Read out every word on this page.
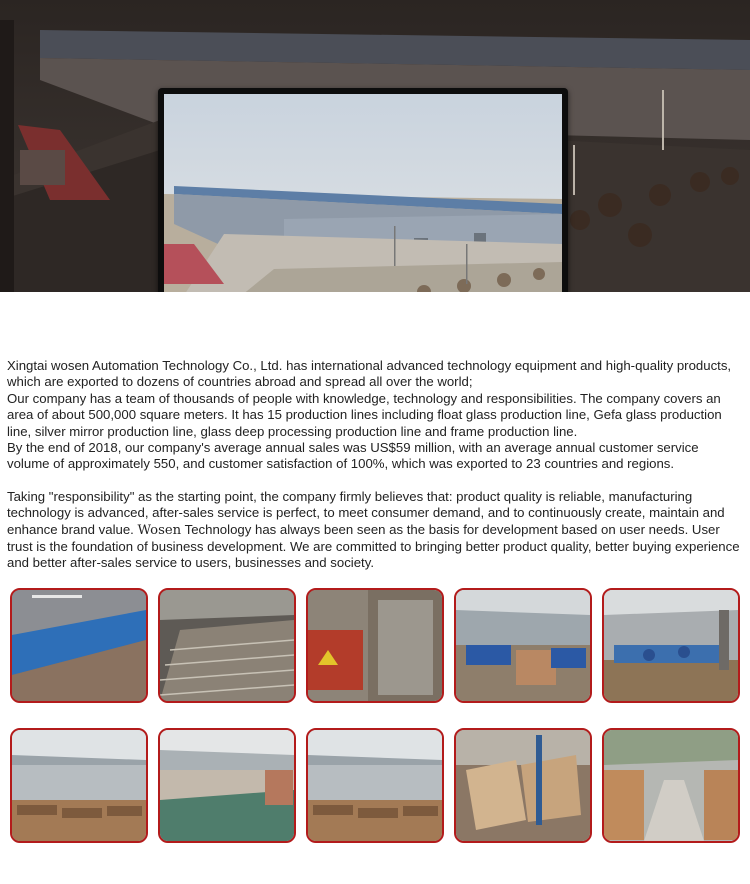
Xingtai wosen Automation Technology Co., Ltd. has international advanced technology equipment and high-quality products, which are exported to dozens of countries abroad and spread all over the world;

Our company has a team of thousands of people with knowledge, technology and responsibilities. The company covers an area of about 500,000 square meters. It has 15 production lines including float glass production line, Gefa glass production line, silver mirror production line, glass deep processing production line and frame production line.

By the end of 2018, our company's average annual sales was US$59 million, with an average annual customer service volume of approximately 550, and customer satisfaction of 100%, which was exported to 23 countries and regions.

Taking "responsibility" as the starting point, the company firmly believes that: product quality is reliable, manufacturing technology is advanced, after-sales service is perfect, to meet consumer demand, and to continuously create, maintain and enhance brand value. Wosen Technology has always been seen as the basis for development based on user needs. User trust is the foundation of business development. We are committed to bringing better product quality, better buying experience and better after-sales service to users, businesses and society.
